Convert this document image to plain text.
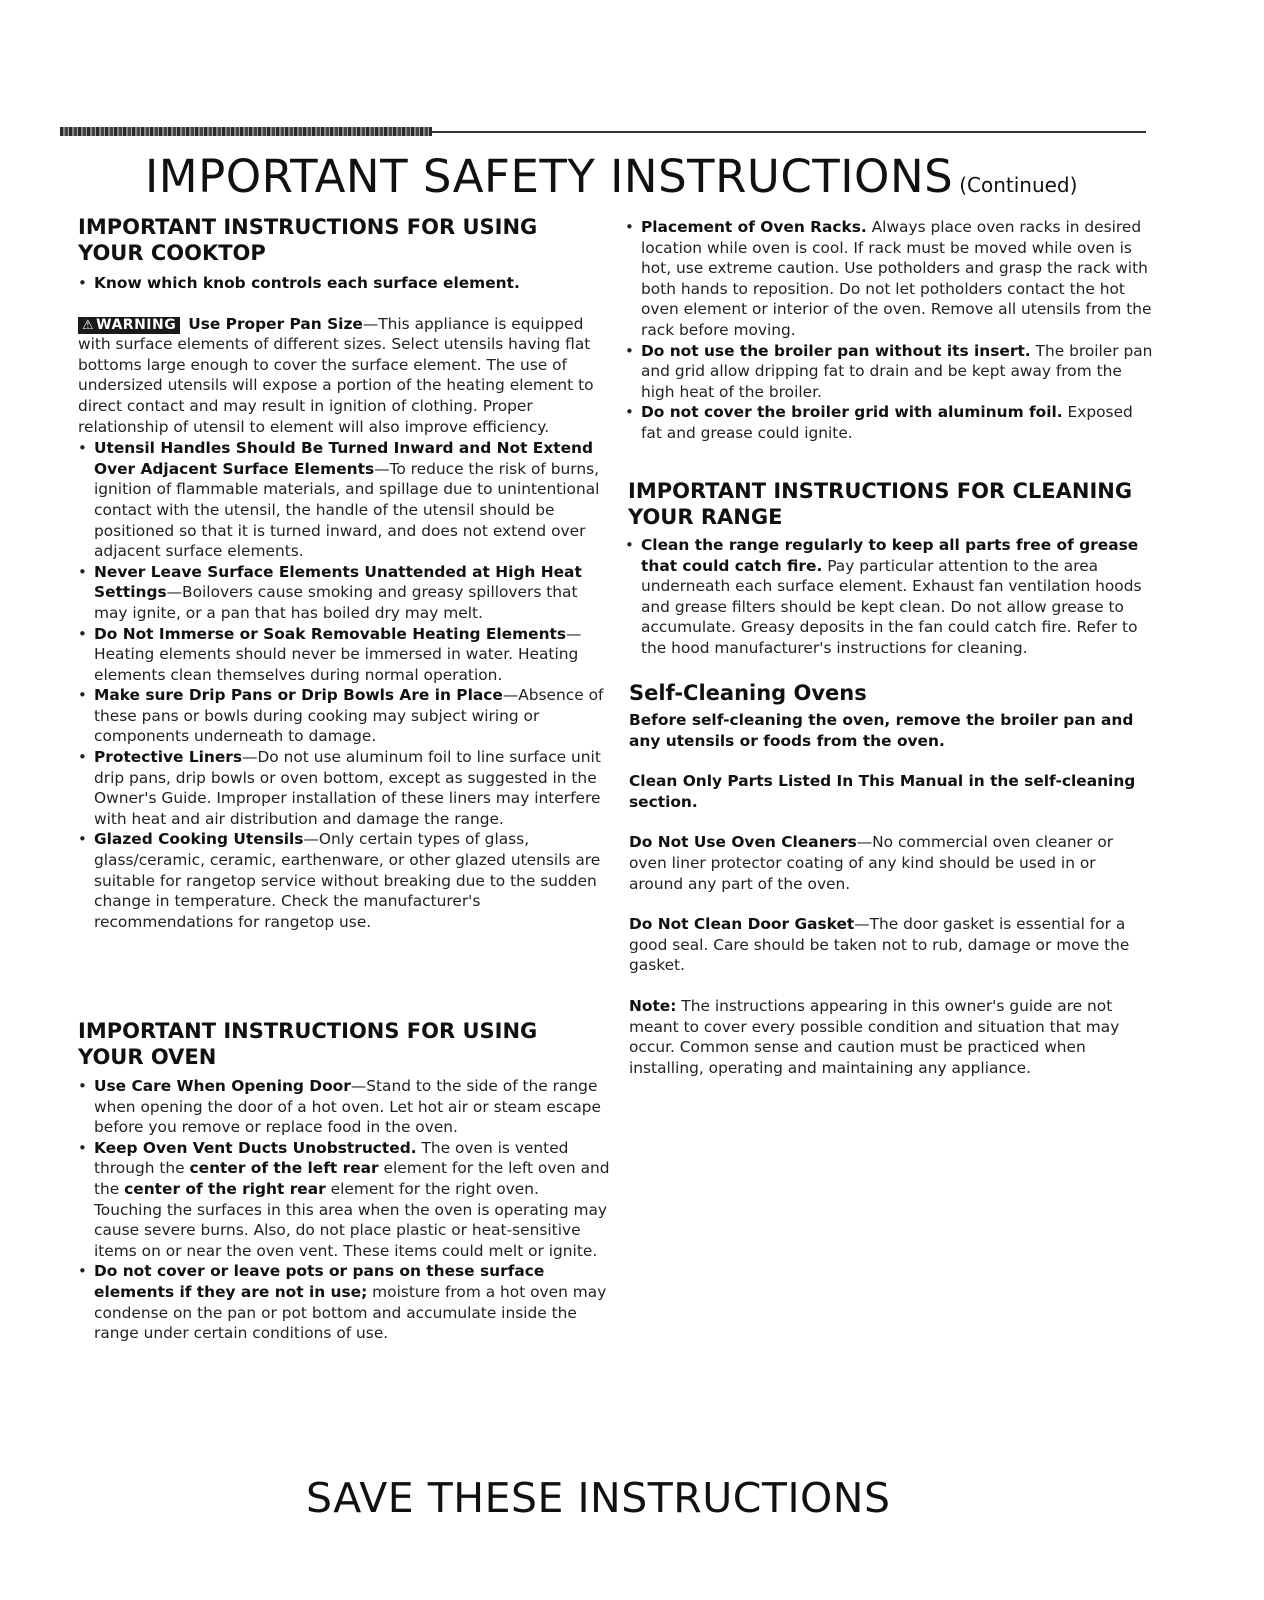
IMPORTANT SAFETY INSTRUCTIONS (Continued)
IMPORTANT INSTRUCTIONS FOR USING YOUR COOKTOP
• Know which knob controls each surface element.

⚠ WARNING Use Proper Pan Size—This appliance is equipped with surface elements of different sizes. Select utensils having flat bottoms large enough to cover the surface element. The use of undersized utensils will expose a portion of the heating element to direct contact and may result in ignition of clothing. Proper relationship of utensil to element will also improve efficiency.

• Utensil Handles Should Be Turned Inward and Not Extend Over Adjacent Surface Elements—To reduce the risk of burns, ignition of flammable materials, and spillage due to unintentional contact with the utensil, the handle of the utensil should be positioned so that it is turned inward, and does not extend over adjacent surface elements.
• Never Leave Surface Elements Unattended at High Heat Settings—Boilovers cause smoking and greasy spillovers that may ignite, or a pan that has boiled dry may melt.
• Do Not Immerse or Soak Removable Heating Elements—Heating elements should never be immersed in water. Heating elements clean themselves during normal operation.
• Make sure Drip Pans or Drip Bowls Are in Place—Absence of these pans or bowls during cooking may subject wiring or components underneath to damage.
• Protective Liners—Do not use aluminum foil to line surface unit drip pans, drip bowls or oven bottom, except as suggested in the Owner's Guide. Improper installation of these liners may interfere with heat and air distribution and damage the range.
• Glazed Cooking Utensils—Only certain types of glass, glass/ceramic, ceramic, earthenware, or other glazed utensils are suitable for rangetop service without breaking due to the sudden change in temperature. Check the manufacturer's recommendations for rangetop use.
IMPORTANT INSTRUCTIONS FOR USING YOUR OVEN
• Use Care When Opening Door—Stand to the side of the range when opening the door of a hot oven. Let hot air or steam escape before you remove or replace food in the oven.
• Keep Oven Vent Ducts Unobstructed. The oven is vented through the center of the left rear element for the left oven and the center of the right rear element for the right oven. Touching the surfaces in this area when the oven is operating may cause severe burns. Also, do not place plastic or heat-sensitive items on or near the oven vent. These items could melt or ignite.
• Do not cover or leave pots or pans on these surface elements if they are not in use; moisture from a hot oven may condense on the pan or pot bottom and accumulate inside the range under certain conditions of use.
• Placement of Oven Racks. Always place oven racks in desired location while oven is cool. If rack must be moved while oven is hot, use extreme caution. Use potholders and grasp the rack with both hands to reposition. Do not let potholders contact the hot oven element or interior of the oven. Remove all utensils from the rack before moving.
• Do not use the broiler pan without its insert. The broiler pan and grid allow dripping fat to drain and be kept away from the high heat of the broiler.
• Do not cover the broiler grid with aluminum foil. Exposed fat and grease could ignite.
IMPORTANT INSTRUCTIONS FOR CLEANING YOUR RANGE
• Clean the range regularly to keep all parts free of grease that could catch fire. Pay particular attention to the area underneath each surface element. Exhaust fan ventilation hoods and grease filters should be kept clean. Do not allow grease to accumulate. Greasy deposits in the fan could catch fire. Refer to the hood manufacturer's instructions for cleaning.
Self-Cleaning Ovens

Before self-cleaning the oven, remove the broiler pan and any utensils or foods from the oven.

Clean Only Parts Listed In This Manual in the self-cleaning section.

Do Not Use Oven Cleaners—No commercial oven cleaner or oven liner protector coating of any kind should be used in or around any part of the oven.

Do Not Clean Door Gasket—The door gasket is essential for a good seal. Care should be taken not to rub, damage or move the gasket.

Note: The instructions appearing in this owner's guide are not meant to cover every possible condition and situation that may occur. Common sense and caution must be practiced when installing, operating and maintaining any appliance.

SAVE THESE INSTRUCTIONS
